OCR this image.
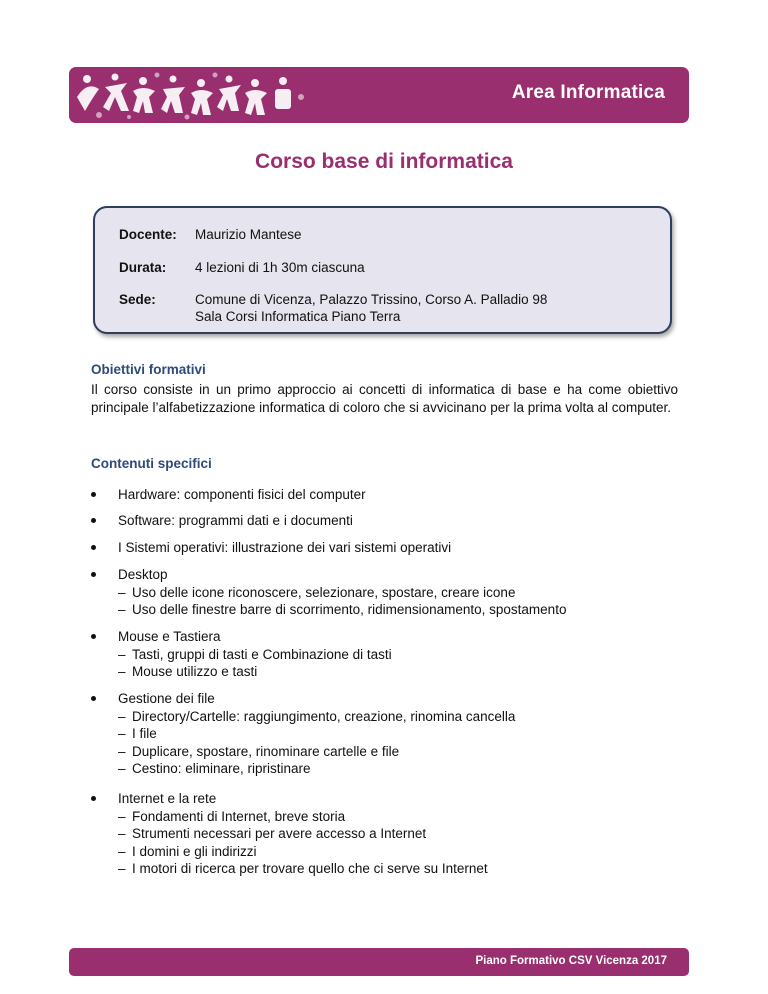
Area Informatica
Corso base di informatica
Docente: Maurizio Mantese
Durata: 4 lezioni di 1h 30m ciascuna
Sede:	Comune di Vicenza, Palazzo Trissino, Corso A. Palladio 98
Sala Corsi Informatica Piano Terra
Obiettivi formativi
Il corso consiste in un primo approccio ai concetti di informatica di base e ha come obiettivo principale l’alfabetizzazione informatica di coloro che si avvicinano per la prima volta al computer.
Contenuti specifici
Hardware: componenti fisici del computer
Software: programmi dati e i documenti
I Sistemi operativi: illustrazione dei vari sistemi operativi
Desktop
– Uso delle icone riconoscere, selezionare, spostare, creare icone
– Uso delle finestre barre di scorrimento, ridimensionamento, spostamento
Mouse e Tastiera
– Tasti, gruppi di tasti e Combinazione di tasti
– Mouse utilizzo e tasti
Gestione dei file
– Directory/Cartelle: raggiungimento, creazione, rinomina cancella
– I file
– Duplicare, spostare, rinominare cartelle e file
– Cestino: eliminare, ripristinare
Internet e la rete
– Fondamenti di Internet, breve storia
– Strumenti necessari per avere accesso a Internet
– I domini e gli indirizzi
– I motori di ricerca per trovare quello che ci serve su Internet
Piano Formativo CSV Vicenza 2017
